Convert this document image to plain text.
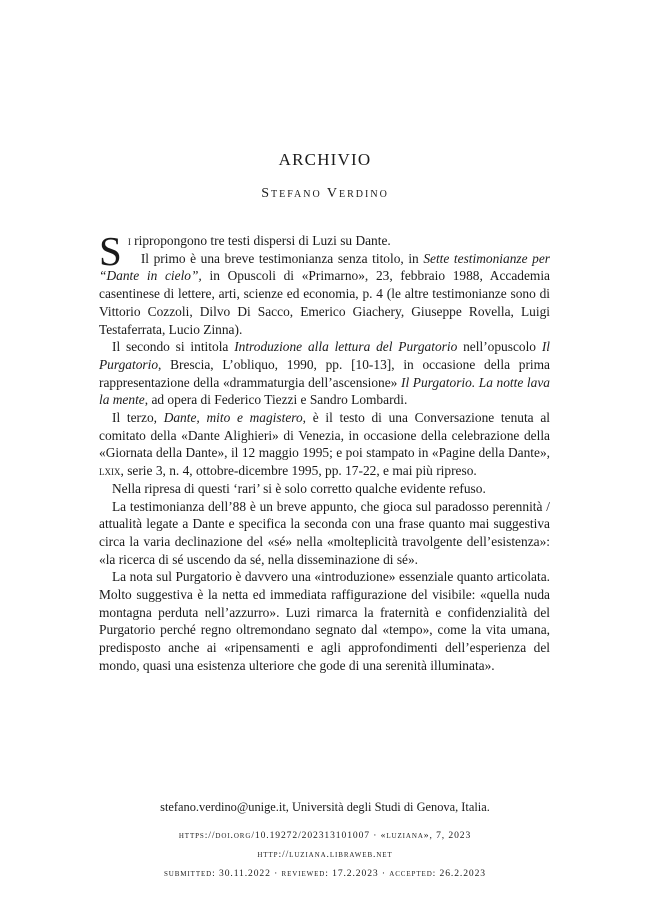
ARCHIVIO
Stefano Verdino

Si ripropongono tre testi dispersi di Luzi su Dante.

Il primo è una breve testimonianza senza titolo, in Sette testimonianze per “Dante in cielo”, in Opuscoli di «Primarno», 23, febbraio 1988, Accademia casentinese di lettere, arti, scienze ed economia, p. 4 (le altre testimonianze sono di Vittorio Cozzoli, Dilvo Di Sacco, Emerico Giachery, Giuseppe Rovella, Luigi Testaferrata, Lucio Zinna).

Il secondo si intitola Introduzione alla lettura del Purgatorio nell’opuscolo Il Purgatorio, Brescia, L’obliquo, 1990, pp. [10-13], in occasione della prima rappresentazione della «drammaturgia dell’ascensione» Il Purgatorio. La notte lava la mente, ad opera di Federico Tiezzi e Sandro Lombardi.

Il terzo, Dante, mito e magistero, è il testo di una Conversazione tenuta al comitato della «Dante Alighieri» di Venezia, in occasione della celebrazione della «Giornata della Dante», il 12 maggio 1995; e poi stampato in «Pagine della Dante», lxix, serie 3, n. 4, ottobre-dicembre 1995, pp. 17-22, e mai più ripreso.

Nella ripresa di questi ‘rari’ si è solo corretto qualche evidente refuso.

La testimonianza dell’88 è un breve appunto, che gioca sul paradosso perennità / attualità legate a Dante e specifica la seconda con una frase quanto mai suggestiva circa la varia declinazione del «sé» nella «molteplicità travolgente dell’esistenza»: «la ricerca di sé uscendo da sé, nella disseminazione di sé».

La nota sul Purgatorio è davvero una «introduzione» essenziale quanto articolata. Molto suggestiva è la netta ed immediata raffigurazione del visibile: «quella nuda montagna perduta nell’azzurro». Luzi rimarca la fraternità e confidenzialità del Purgatorio perché regno oltremondano segnato dal «tempo», come la vita umana, predisposto anche ai «ripensamenti e agli approfondimenti dell’esperienza del mondo, quasi una esistenza ulteriore che gode di una serenità illuminata».

stefano.verdino@unige.it, Università degli Studi di Genova, Italia.
https://doi.org/10.19272/202313101007 · «luziana», 7, 2023
http://luziana.libraweb.net
submitted: 30.11.2022 · reviewed: 17.2.2023 · accepted: 26.2.2023
